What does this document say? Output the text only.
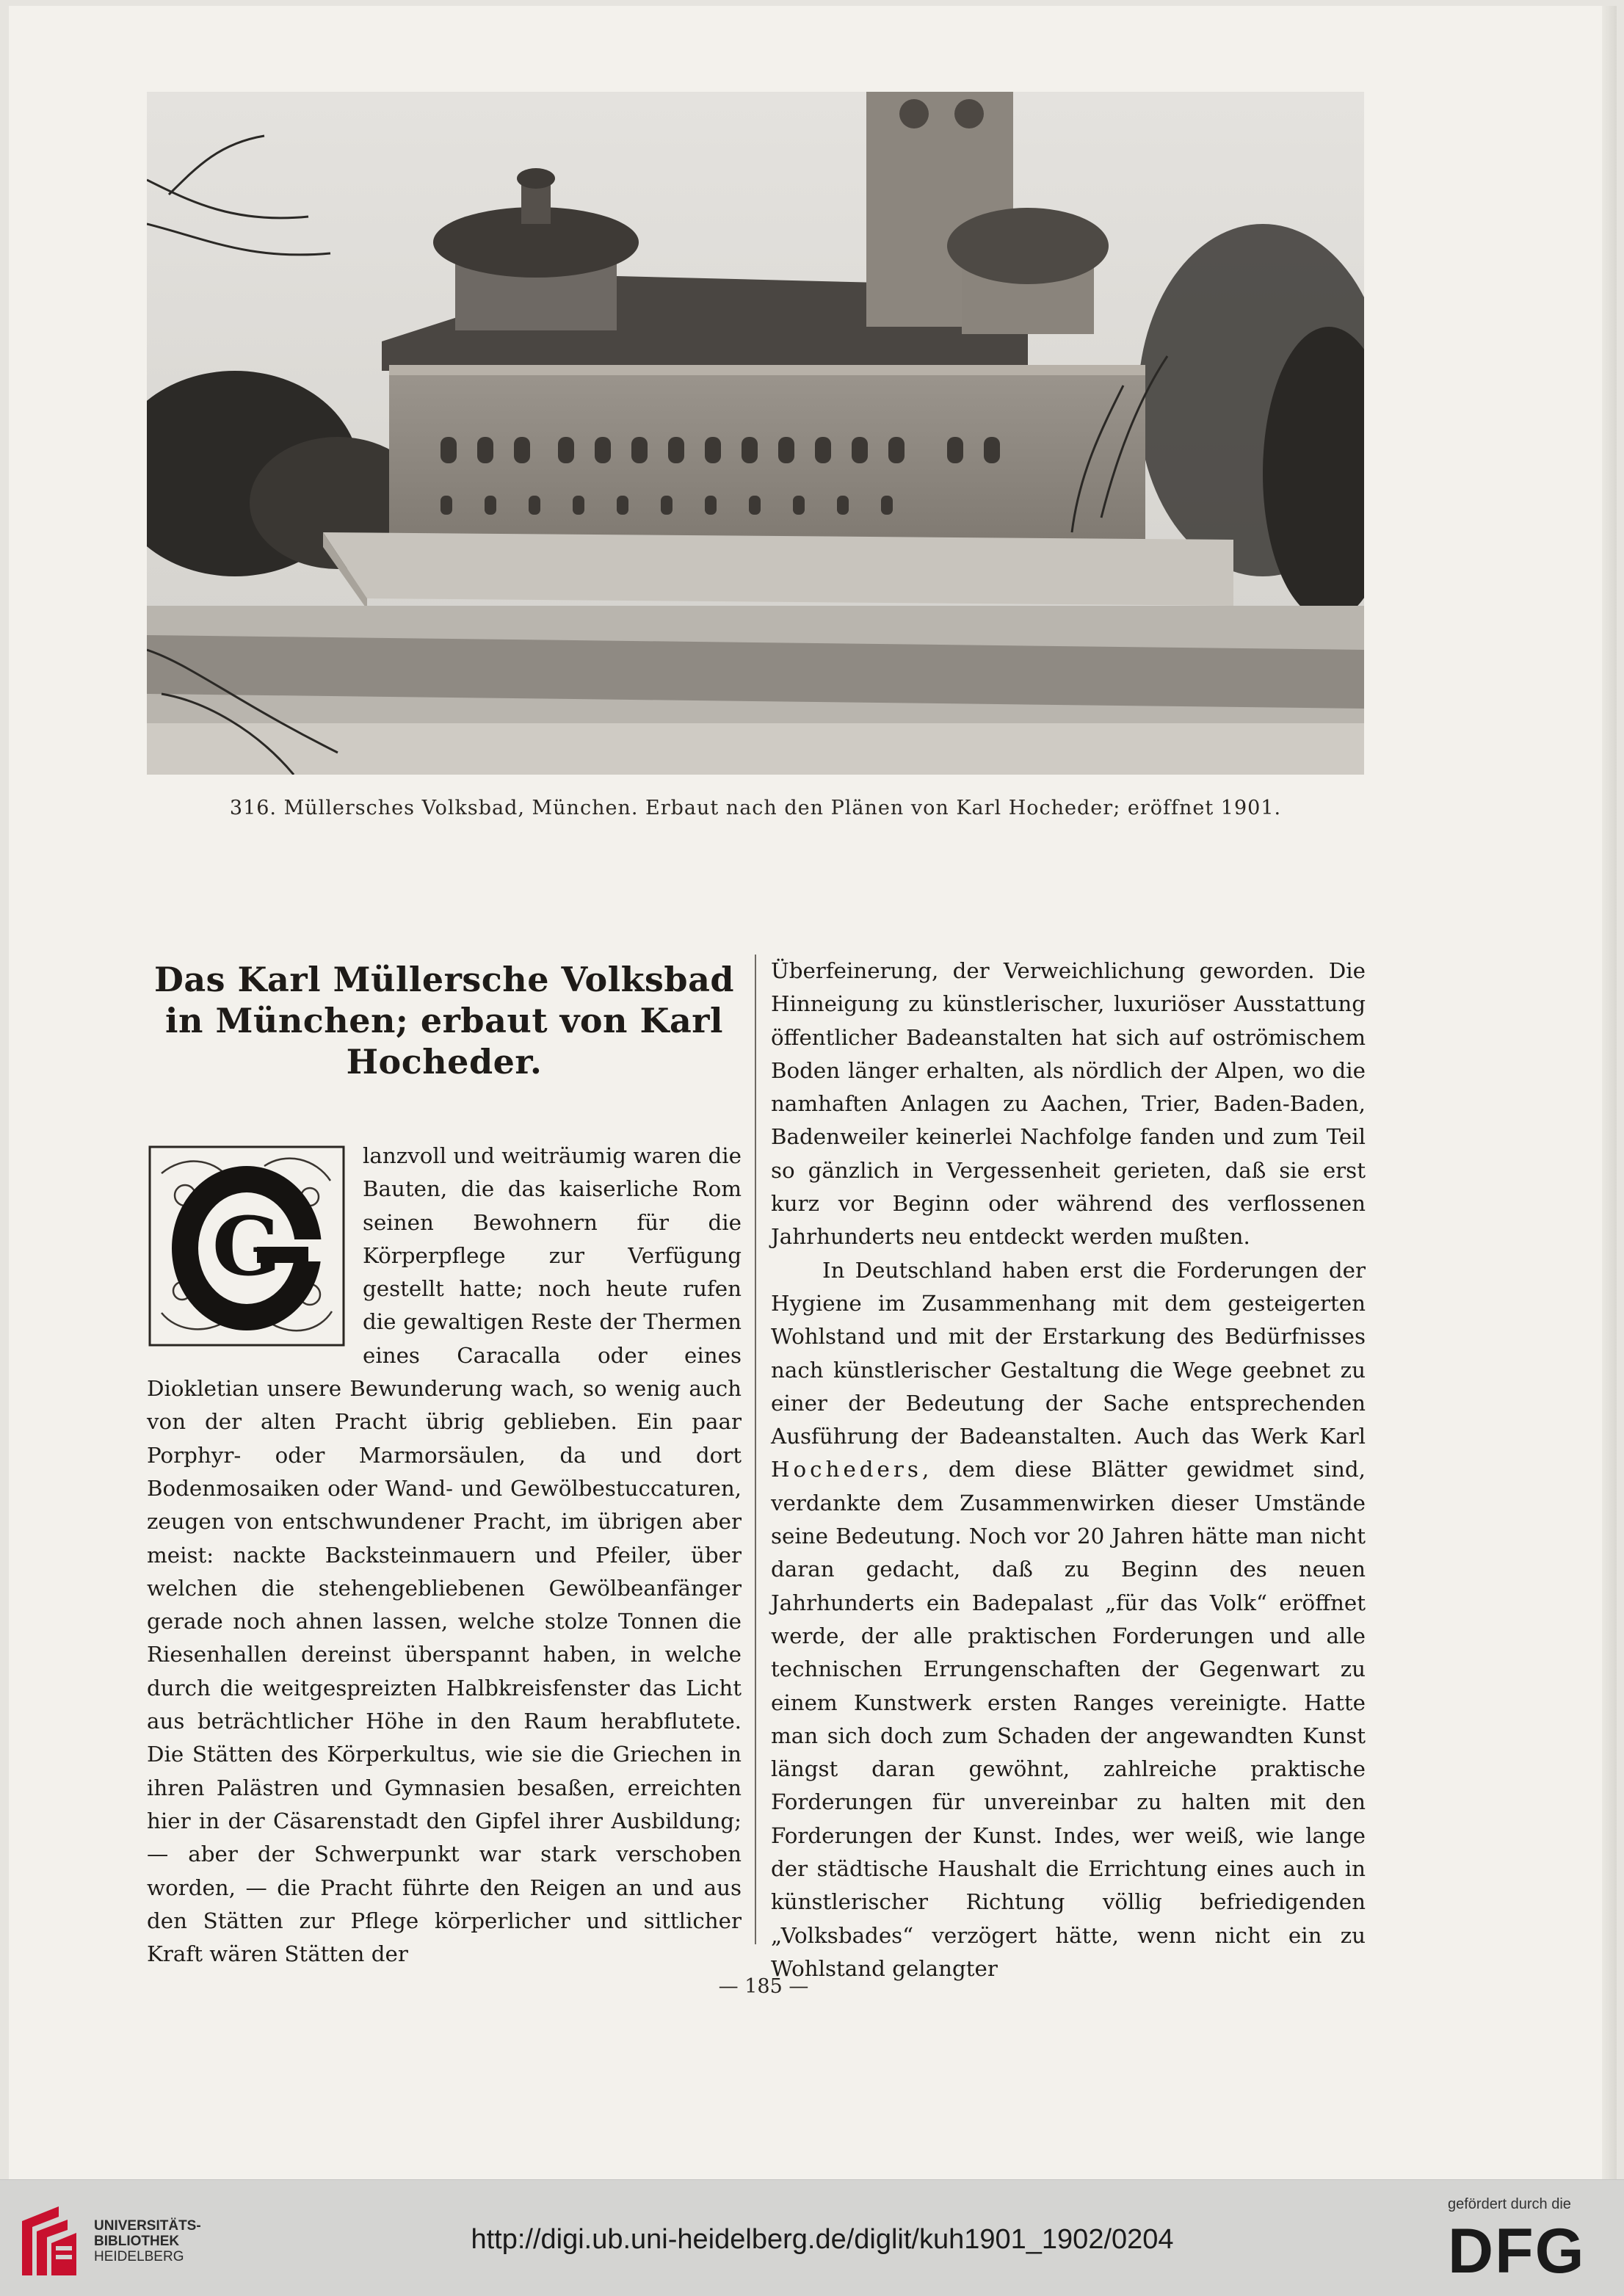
316. Müllersches Volksbad, München. Erbaut nach den Plänen von Karl Hocheder; eröffnet 1901.
Das Karl Müllersche Volksbad in München; erbaut von Karl Hocheder.
G

lanzvoll und weiträumig waren die Bauten, die das kaiserliche Rom seinen Bewohnern für die Körperpflege zur Verfügung gestellt hatte; noch heute rufen die gewaltigen Reste der Thermen eines Caracalla oder eines Diokletian unsere Bewunderung wach, so wenig auch von der alten Pracht übrig geblieben. Ein paar Porphyr- oder Marmorsäulen, da und dort Bodenmosaiken oder Wand- und Gewölbestuccaturen, zeugen von entschwundener Pracht, im übrigen aber meist: nackte Backsteinmauern und Pfeiler, über welchen die stehengebliebenen Gewölbeanfänger gerade noch ahnen lassen, welche stolze Tonnen die Riesenhallen dereinst überspannt haben, in welche durch die weitgespreizten Halbkreisfenster das Licht aus beträchtlicher Höhe in den Raum herabflutete. Die Stätten des Körperkultus, wie sie die Griechen in ihren Palästren und Gymnasien besaßen, erreichten hier in der Cäsarenstadt den Gipfel ihrer Ausbildung; — aber der Schwerpunkt war stark verschoben worden, — die Pracht führte den Reigen an und aus den Stätten zur Pflege körperlicher und sittlicher Kraft wären Stätten der

Überfeinerung, der Verweichlichung geworden. Die Hinneigung zu künstlerischer, luxuriöser Ausstattung öffentlicher Badeanstalten hat sich auf oströmischem Boden länger erhalten, als nördlich der Alpen, wo die namhaften Anlagen zu Aachen, Trier, Baden-Baden, Badenweiler keinerlei Nachfolge fanden und zum Teil so gänzlich in Vergessenheit gerieten, daß sie erst kurz vor Beginn oder während des verflossenen Jahrhunderts neu entdeckt werden mußten.

In Deutschland haben erst die Forderungen der Hygiene im Zusammenhang mit dem gesteigerten Wohlstand und mit der Erstarkung des Bedürfnisses nach künstlerischer Gestaltung die Wege geebnet zu einer der Bedeutung der Sache entsprechenden Ausführung der Badeanstalten. Auch das Werk Karl Hocheders, dem diese Blätter gewidmet sind, verdankte dem Zusammenwirken dieser Umstände seine Bedeutung. Noch vor 20 Jahren hätte man nicht daran gedacht, daß zu Beginn des neuen Jahrhunderts ein Badepalast „für das Volk“ eröffnet werde, der alle praktischen Forderungen und alle technischen Errungenschaften der Gegenwart zu einem Kunstwerk ersten Ranges vereinigte. Hatte man sich doch zum Schaden der angewandten Kunst längst daran gewöhnt, zahlreiche praktische Forderungen für unvereinbar zu halten mit den Forderungen der Kunst. Indes, wer weiß, wie lange der städtische Haushalt die Errichtung eines auch in künstlerischer Richtung völlig befriedigenden „Volksbades“ verzögert hätte, wenn nicht ein zu Wohlstand gelangter

— 185 —
UNIVERSITÄTS-
BIBLIOTHEK
HEIDELBERG
http://digi.ub.uni-heidelberg.de/diglit/kuh1901_1902/0204
gefördert durch die
DFG
